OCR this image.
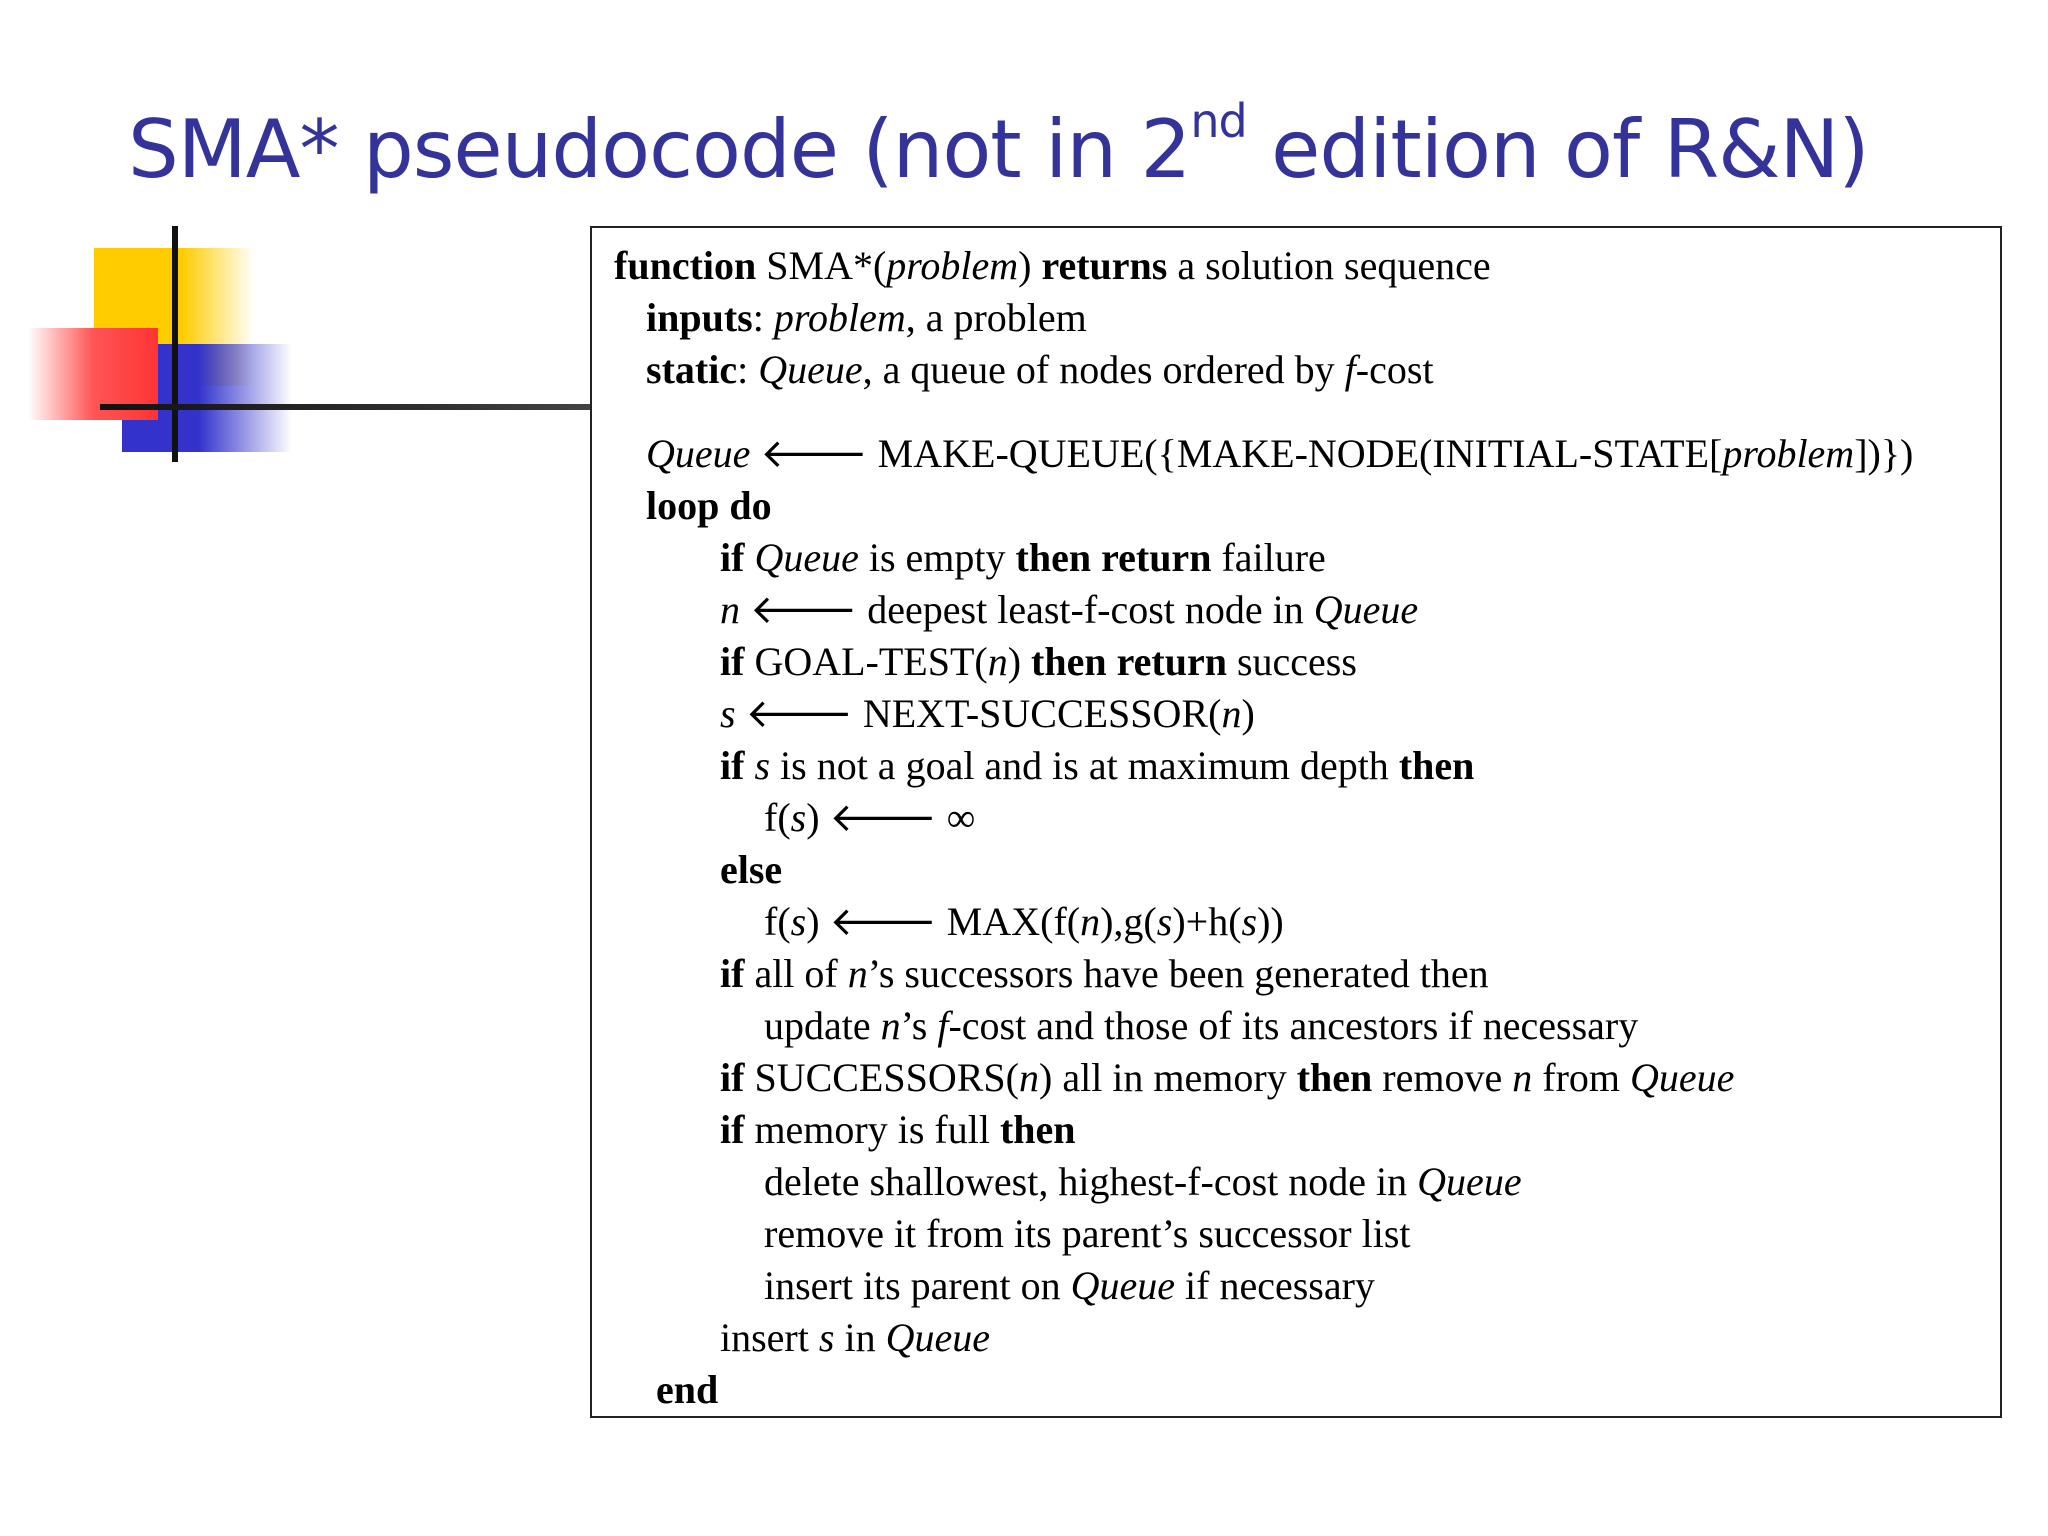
SMA* pseudocode (not in 2nd edition of R&N)
function SMA*(problem) returns a solution sequence
inputs: problem, a problem
static: Queue, a queue of nodes ordered by f-cost
Queue 🡐 MAKE-QUEUE({MAKE-NODE(INITIAL-STATE[problem])})
loop do
if Queue is empty then return failure
n 🡐 deepest least-f-cost node in Queue
if GOAL-TEST(n) then return success
s 🡐 NEXT-SUCCESSOR(n)
if s is not a goal and is at maximum depth then
f(s) 🡐 ∞
else
f(s) 🡐 MAX(f(n),g(s)+h(s))
if all of n’s successors have been generated then
update n’s f-cost and those of its ancestors if necessary
if SUCCESSORS(n) all in memory then remove n from Queue
if memory is full then
delete shallowest, highest-f-cost node in Queue
remove it from its parent’s successor list
insert its parent on Queue if necessary
insert s in Queue
end
